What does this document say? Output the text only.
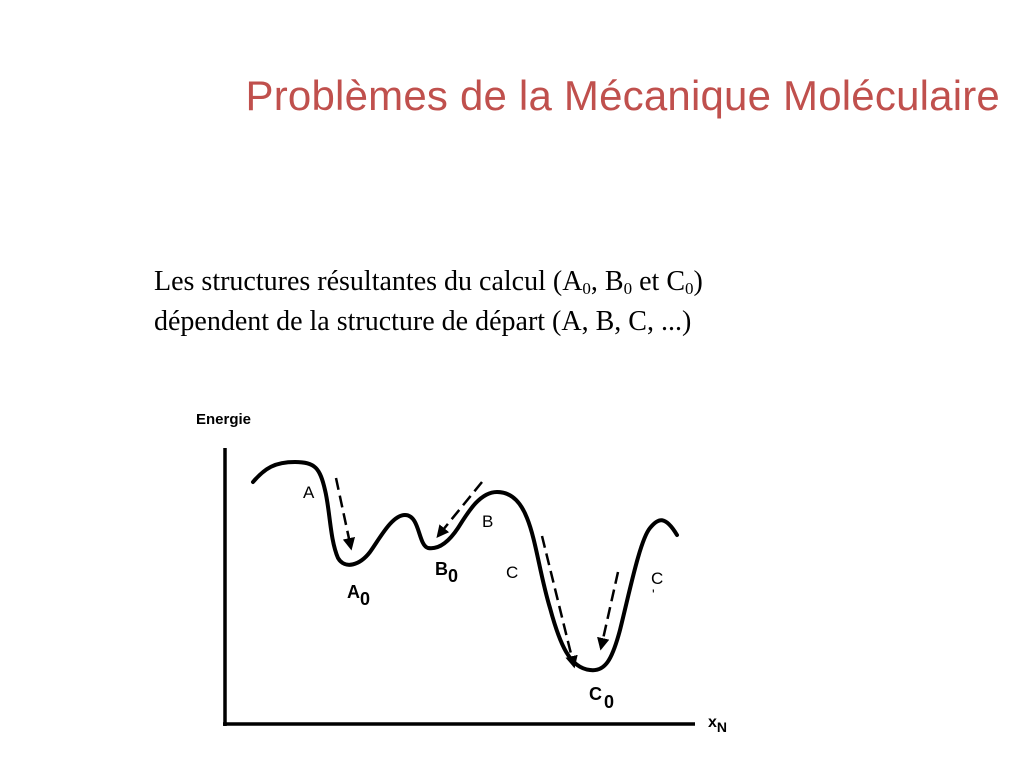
Problèmes de la Mécanique Moléculaire
Les structures résultantes du calcul ($A_0$, $B_0$ et $C_0$)
dépendent de la structure de départ (A, B, C, ...)
Energie
xN
A
B
C	C
'
A0
B0
C 0
